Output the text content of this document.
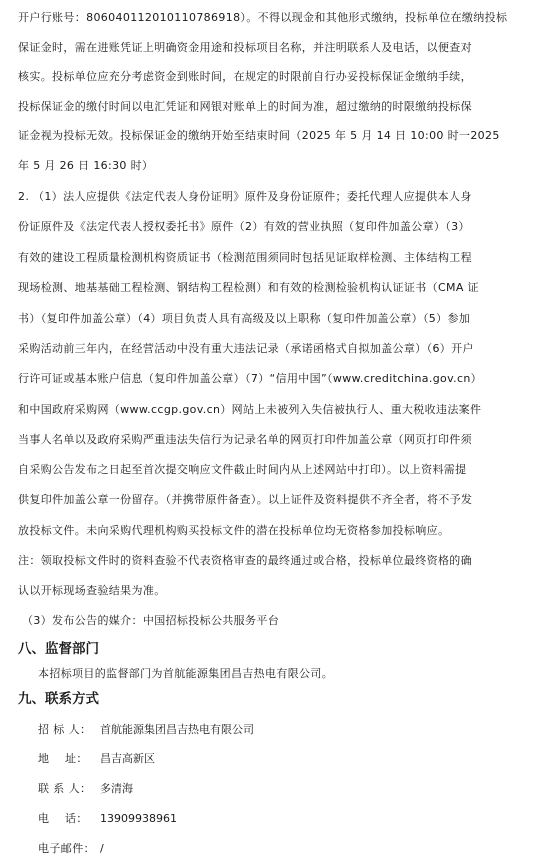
开户行账号：806040112010110786918）。不得以现金和其他形式缴纳，投标单位在缴纳投标
保证金时，需在进账凭证上明确资金用途和投标项目名称，并注明联系人及电话，以便查对
核实。投标单位应充分考虑资金到账时间，在规定的时限前自行办妥投标保证金缴纳手续，
投标保证金的缴付时间以电汇凭证和网银对账单上的时间为准，超过缴纳的时限缴纳投标保
证金视为投标无效。投标保证金的缴纳开始至结束时间（2025 年 5 月 14 日 10:00 时一2025
年 5 月 26 日 16:30 时）
2. （1）法人应提供《法定代表人身份证明》原件及身份证原件；委托代理人应提供本人身
份证原件及《法定代表人授权委托书》原件（2）有效的营业执照（复印件加盖公章）（3）
有效的建设工程质量检测机构资质证书（检测范围须同时包括见证取样检测、主体结构工程
现场检测、地基基础工程检测、钢结构工程检测）和有效的检测检验机构认证证书（CMA 证
书）（复印件加盖公章）（4）项目负责人具有高级及以上职称（复印件加盖公章）（5）参加
采购活动前三年内，在经营活动中没有重大违法记录（承诺函格式自拟加盖公章）（6）开户
行许可证或基本账户信息（复印件加盖公章）（7）“信用中国”（www.creditchina.gov.cn）
和中国政府采购网（www.ccgp.gov.cn）网站上未被列入失信被执行人、重大税收违法案件
当事人名单以及政府采购严重违法失信行为记录名单的网页打印件加盖公章（网页打印件须
自采购公告发布之日起至首次提交响应文件截止时间内从上述网站中打印）。以上资料需提
供复印件加盖公章一份留存。（并携带原件备查）。以上证件及资料提供不齐全者，将不予发
放投标文件。未向采购代理机构购买投标文件的潜在投标单位均无资格参加投标响应。
注：领取投标文件时的资料查验不代表资格审查的最终通过或合格，投标单位最终资格的确
认以开标现场查验结果为准。
（3）发布公告的媒介：中国招标投标公共服务平台
八、监督部门
本招标项目的监督部门为首航能源集团昌吉热电有限公司。
九、联系方式
招 标 人： 首航能源集团昌吉热电有限公司
地    址： 昌吉高新区
联 系 人： 多清海
电    话： 13909938961
电子邮件： /
